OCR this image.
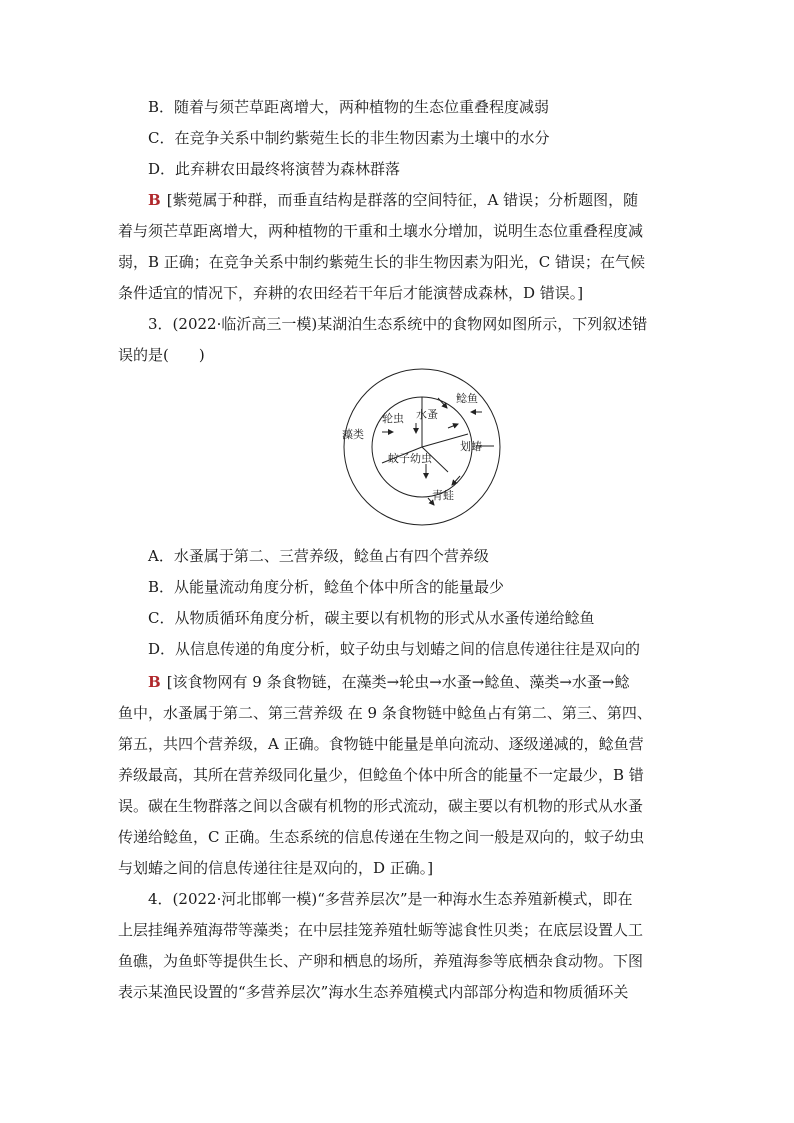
B．随着与须芒草距离增大，两种植物的生态位重叠程度减弱
C．在竞争关系中制约紫菀生长的非生物因素为土壤中的水分
D．此弃耕农田最终将演替为森林群落
B [紫菀属于种群，而垂直结构是群落的空间特征，A 错误；分析题图，随
着与须芒草距离增大，两种植物的干重和土壤水分增加，说明生态位重叠程度减
弱，B 正确；在竞争关系中制约紫菀生长的非生物因素为阳光，C 错误；在气候
条件适宜的情况下，弃耕的农田经若干年后才能演替成森林，D 错误。]
3．(2022·临沂高三一模)某湖泊生态系统中的食物网如图所示，下列叙述错
误的是(　　)
藻类
轮虫 水蚤
鲶鱼
划蝽
蚊子幼虫
青蛙
A．水蚤属于第二、三营养级，鲶鱼占有四个营养级
B．从能量流动角度分析，鲶鱼个体中所含的能量最少
C．从物质循环角度分析，碳主要以有机物的形式从水蚤传递给鲶鱼
D．从信息传递的角度分析，蚊子幼虫与划蝽之间的信息传递往往是双向的
B [该食物网有 9 条食物链，在藻类→轮虫→水蚤→鲶鱼、藻类→水蚤→鲶
鱼中，水蚤属于第二、第三营养级 在 9 条食物链中鲶鱼占有第二、第三、第四、
第五，共四个营养级，A 正确。食物链中能量是单向流动、逐级递减的，鲶鱼营
养级最高，其所在营养级同化量少，但鲶鱼个体中所含的能量不一定最少，B 错
误。碳在生物群落之间以含碳有机物的形式流动，碳主要以有机物的形式从水蚤
传递给鲶鱼，C 正确。生态系统的信息传递在生物之间一般是双向的，蚊子幼虫
与划蝽之间的信息传递往往是双向的，D 正确。]
4．(2022·河北邯郸一模)“多营养层次”是一种海水生态养殖新模式，即在
上层挂绳养殖海带等藻类；在中层挂笼养殖牡蛎等滤食性贝类；在底层设置人工
鱼礁，为鱼虾等提供生长、产卵和栖息的场所，养殖海参等底栖杂食动物。下图
表示某渔民设置的“多营养层次”海水生态养殖模式内部部分构造和物质循环关
